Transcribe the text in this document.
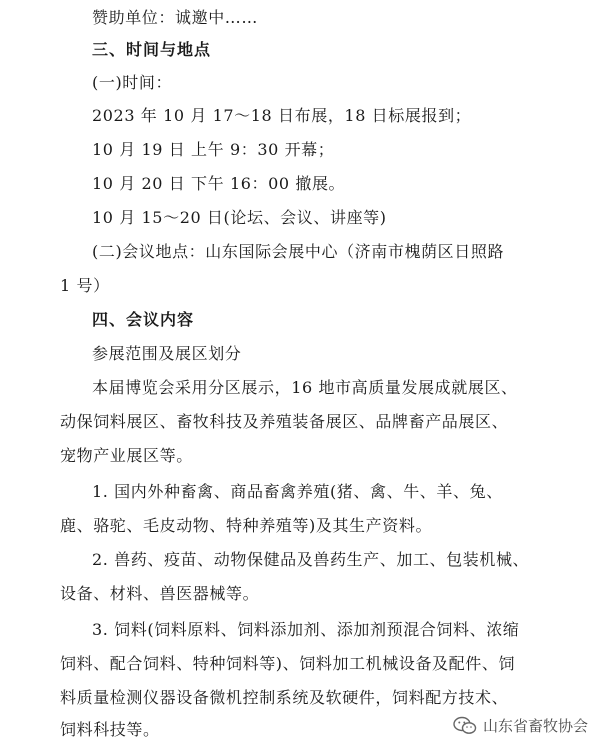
赞助单位：诚邀中……
三、时间与地点
(一)时间：
2023 年 10 月 17～18 日布展，18 日标展报到；
10 月 19 日 上午 9：30 开幕；
10 月 20 日 下午 16：00 撤展。
10 月 15～20 日(论坛、会议、讲座等)
(二)会议地点：山东国际会展中心（济南市槐荫区日照路
1 号）
四、会议内容
参展范围及展区划分
本届博览会采用分区展示，16 地市高质量发展成就展区、
动保饲料展区、畜牧科技及养殖装备展区、品牌畜产品展区、
宠物产业展区等。
1. 国内外种畜禽、商品畜禽养殖(猪、禽、牛、羊、兔、
鹿、骆驼、毛皮动物、特种养殖等)及其生产资料。
2. 兽药、疫苗、动物保健品及兽药生产、加工、包装机械、
设备、材料、兽医器械等。
3. 饲料(饲料原料、饲料添加剂、添加剂预混合饲料、浓缩
饲料、配合饲料、特种饲料等)、饲料加工机械设备及配件、饲
料质量检测仪器设备微机控制系统及软硬件，饲料配方技术、
饲料科技等。	山东省畜牧协会
